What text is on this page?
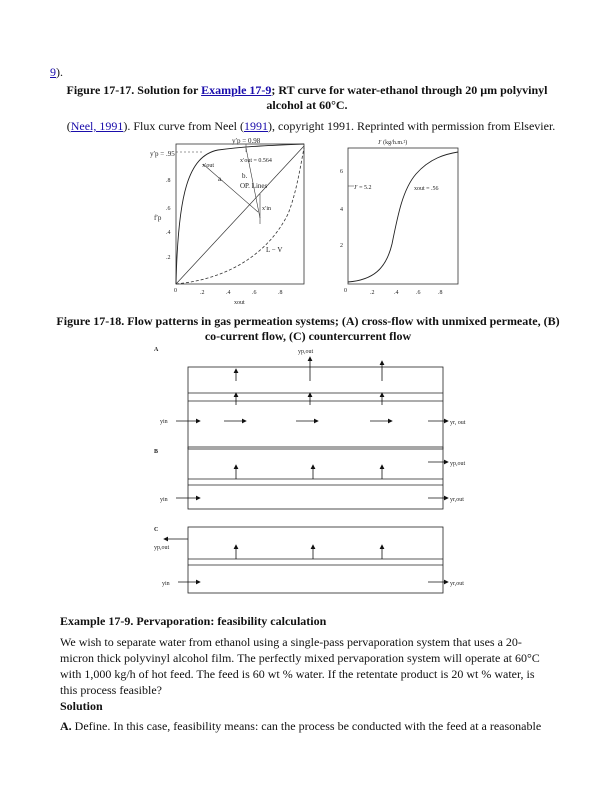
9).
Figure 17-17. Solution for Example 17-9; RT curve for water-ethanol through 20 µm polyvinyl alcohol at 60°C.
(Neel, 1991). Flux curve from Neel (1991), copyright 1991. Reprinted with permission from Elsevier.
y′p = .95
y′p = 0.98
x′out
x′out = 0.564
a.	b.
OP. Lines
x′in
L − V
f′p
xout
.8
.6
.4
.2
0	.2	.4	.6	.8
J′ (kg/h.m.²)
J′ = 5.2	xout = .56
6
4
2
0	.2	.4	.6	.8
Figure 17-18. Flow patterns in gas permeation systems; (A) cross-flow with unmixed permeate, (B) co-current flow, (C) countercurrent flow
A	yp,out
yin	yr, out
B
yp,out
yin	yr,out
C
yp,out
yin	yr,out
Example 17-9. Pervaporation: feasibility calculation
We wish to separate water from ethanol using a single-pass pervaporation system that uses a 20-micron thick polyvinyl alcohol film. The perfectly mixed pervaporation system will operate at 60°C with 1,000 kg/h of hot feed. The feed is 60 wt % water. If the retentate product is 20 wt % water, is this process feasible?
Solution
A. Define. In this case, feasibility means: can the process be conducted with the feed at a reasonable
